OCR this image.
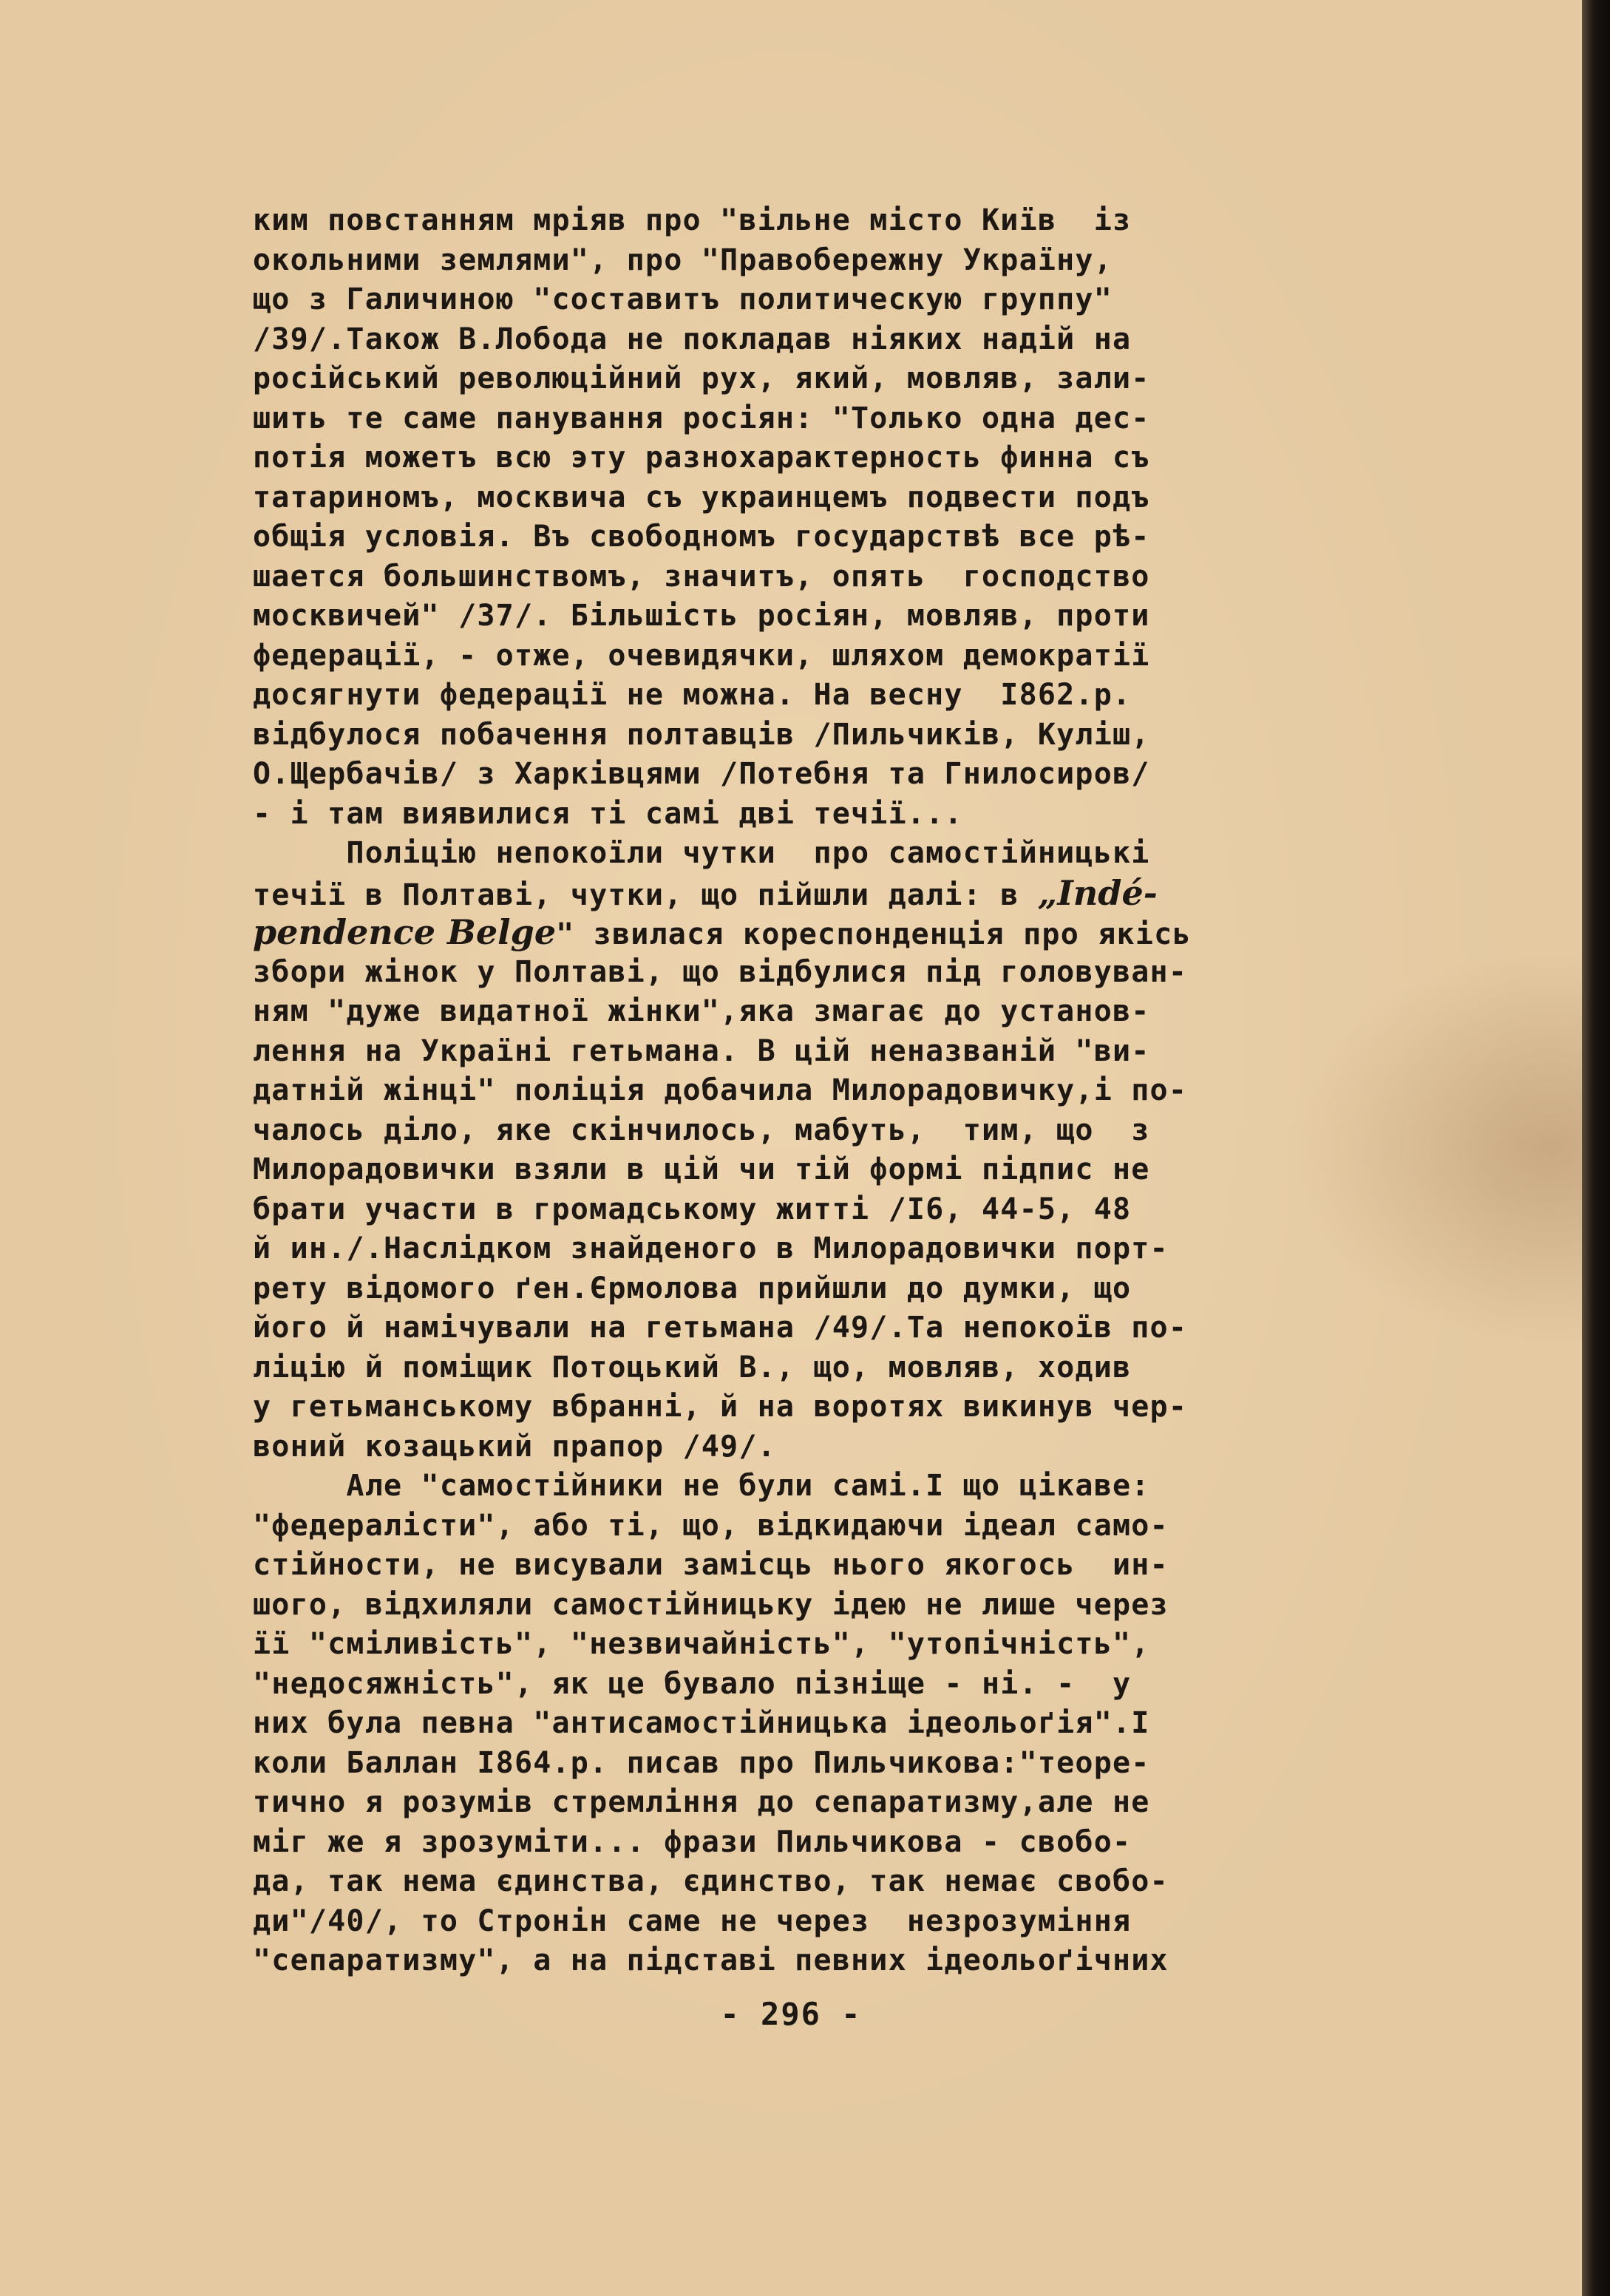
ким повстанням мріяв про "вільне місто Київ  із
окольними землями", про "Правобережну Україну,
що з Галичиною "составитъ политическую группу"
/39/.Також В.Лобода не покладав ніяких надій на
російський революційний рух, який, мовляв, зали-
шить те саме панування росіян: "Только одна дес-
потія можетъ всю эту разнохарактерность финна съ
татариномъ, москвича съ украинцемъ подвести подъ
общія условія. Въ свободномъ государствѣ все рѣ-
шается большинствомъ, значитъ, опять  господство
москвичей" /37/. Більшість росіян, мовляв, проти
федерації, - отже, очевидячки, шляхом демократії
досягнути федерації не можна. На весну  I862.р.
відбулося побачення полтавців /Пильчиків, Куліш,
О.Щербачів/ з Харківцями /Потебня та Гнилосиров/
- і там виявилися ті самі дві течії...
Поліцію непокоїли чутки  про самостійницькі
течії в Полтаві, чутки, що пійшли далі: в „Indé-
pendence Belge" звилася кореспонденція про якісь
збори жінок у Полтаві, що відбулися під головуван-
ням "дуже видатної жінки",яка змагає до установ-
лення на Україні гетьмана. В цій неназваній "ви-
датній жінці" поліція добачила Милорадовичку,і по-
чалось діло, яке скінчилось, мабуть,  тим, що  з
Милорадовички взяли в цій чи тій формі підпис не
брати участи в громадському житті /I6, 44-5, 48
й ин./.Наслідком знайденого в Милорадовички порт-
рету відомого ґен.Єрмолова прийшли до думки, що
його й намічували на гетьмана /49/.Та непокоїв по-
ліцію й поміщик Потоцький В., що, мовляв, ходив
у гетьманському вбранні, й на воротях викинув чер-
воний козацький прапор /49/.
Але "самостійники не були самі.I що цікаве:
"федералісти", або ті, що, відкидаючи ідеал само-
стійности, не висували замісць нього якогось  ин-
шого, відхиляли самостійницьку ідею не лише через
її "сміливість", "незвичайність", "утопічність",
"недосяжність", як це бувало пізніще - ні. -  у
них була певна "антисамостійницька ідеольоґія".І
коли Баллан I864.р. писав про Пильчикова:"теоре-
тично я розумів стремління до сепаратизму,але не
міг же я зрозуміти... фрази Пильчикова - свобо-
да, так нема єдинства, єдинство, так немає свобо-
ди"/40/, то Стронін саме не через  незрозуміння
"сепаратизму", а на підставі певних ідеольоґічних
- 296 -
